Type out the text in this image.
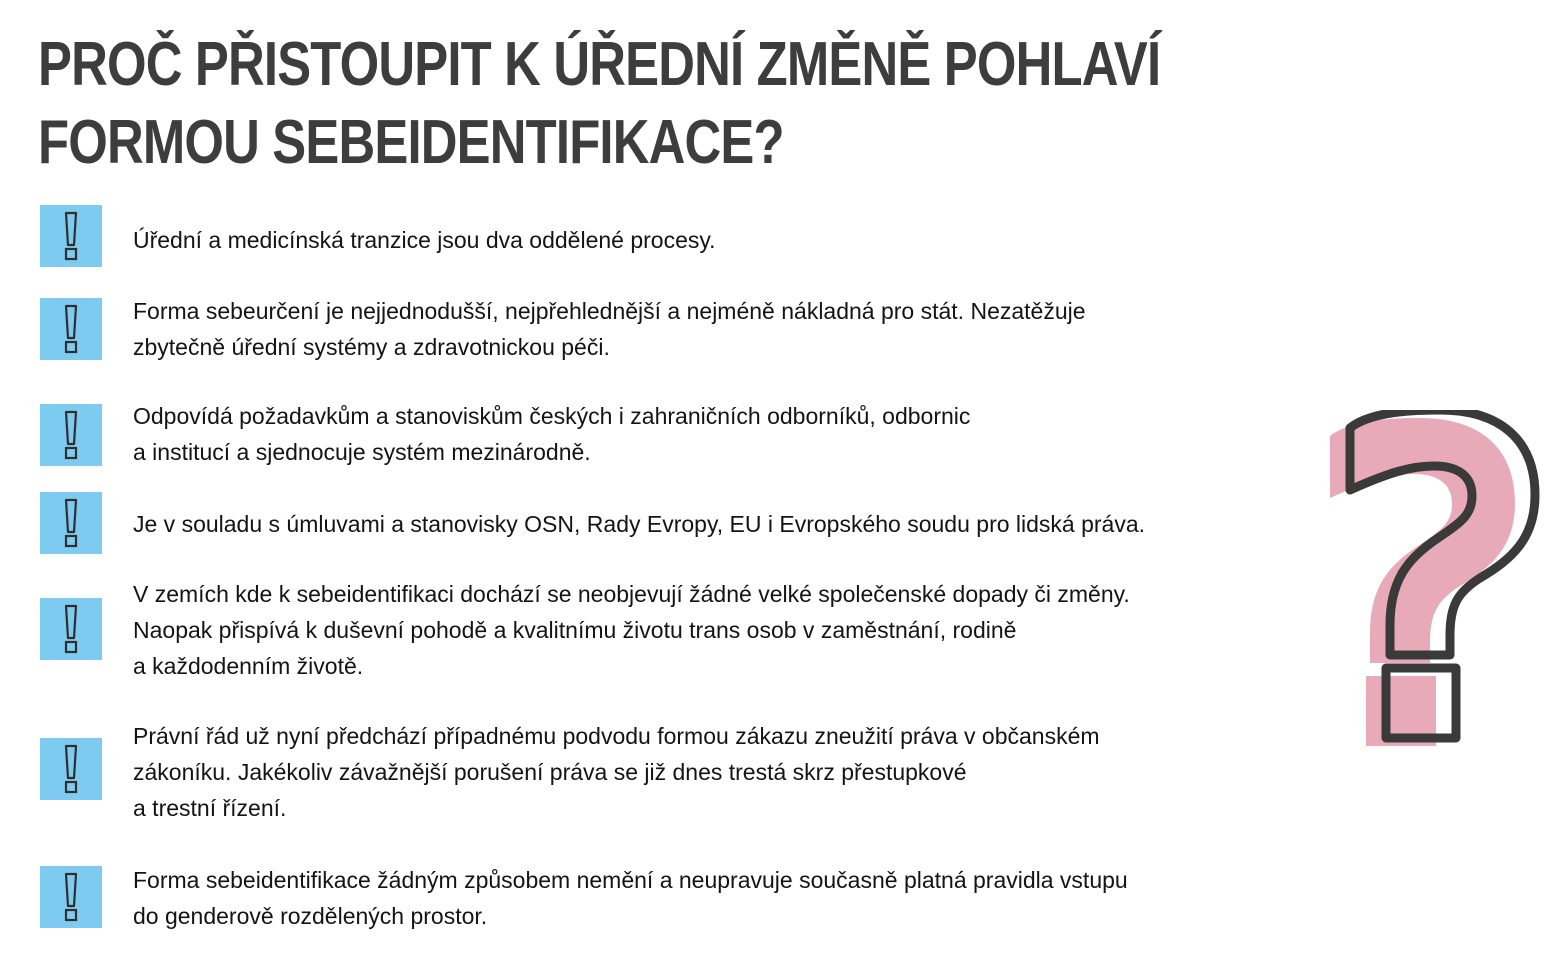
PROČ PŘISTOUPIT K ÚŘEDNÍ ZMĚNĚ POHLAVÍ
FORMOU SEBEIDENTIFIKACE?

Úřední a medicínská tranzice jsou dva oddělené procesy.

Forma sebeurčení je nejjednodušší, nejpřehlednější a nejméně nákladná pro stát. Nezatěžuje
zbytečně úřední systémy a zdravotnickou péči.

Odpovídá požadavkům a stanoviskům českých i zahraničních odborníků, odbornic
a institucí a sjednocuje systém mezinárodně.

Je v souladu s úmluvami a stanovisky OSN, Rady Evropy, EU i Evropského soudu pro lidská práva.

V zemích kde k sebeidentifikaci dochází se neobjevují žádné velké společenské dopady či změny.
Naopak přispívá k duševní pohodě a kvalitnímu životu trans osob v zaměstnání, rodině
a každodenním životě.

Právní řád už nyní předchází případnému podvodu formou zákazu zneužití práva v občanském
zákoníku. Jakékoliv závažnější porušení práva se již dnes trestá skrz přestupkové
a trestní řízení.

Forma sebeidentifikace žádným způsobem nemění a neupravuje současně platná pravidla vstupu
do genderově rozdělených prostor.
